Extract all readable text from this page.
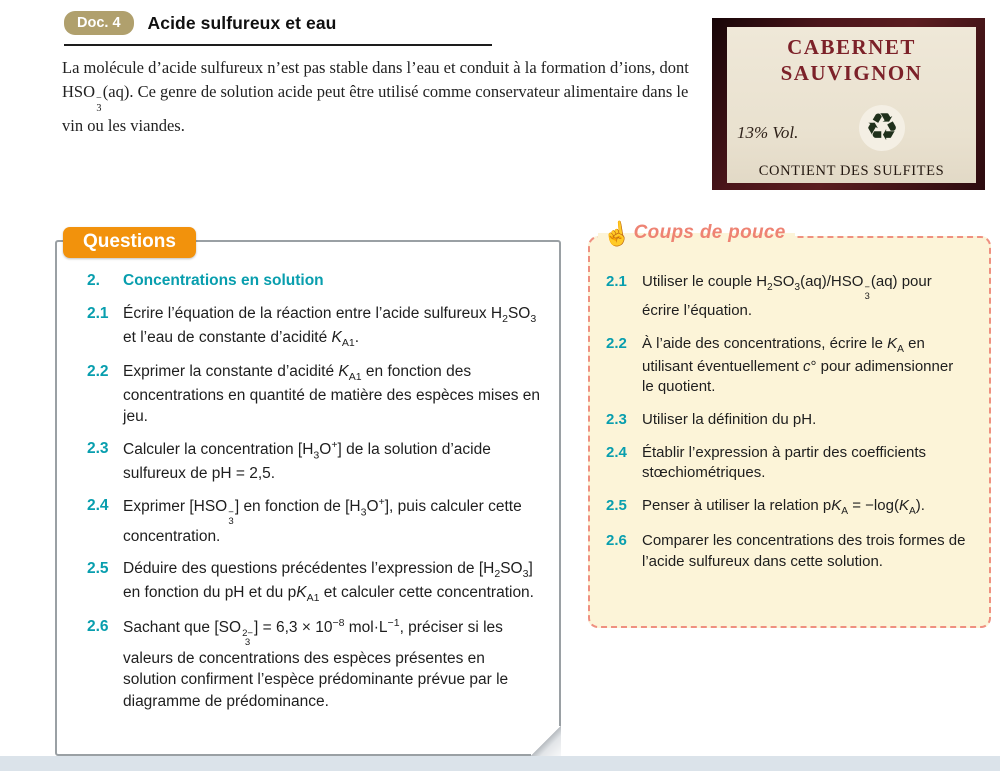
Doc. 4	Acide sulfureux et eau

La molécule d’acide sulfureux n’est pas stable dans l’eau et conduit à la formation d’ions, dont HSO −
3
(aq). Ce genre de solution acide peut être utilisé comme conservateur alimentaire dans le vin ou les viandes.

CABERNET
SAUVIGNON
13% Vol. ♻
CONTIENT DES SULFITES
Questions
2.	Concentrations en solution
2.1 Écrire l’équation de la réaction entre l’acide sulfureux $H_2SO_3$ et l’eau de constante d’acidité $K_{A1}$.
2.2 Exprimer la constante d’acidité $K_{A1}$ en fonction des concentrations en quantité de matière des espèces mises en jeu.
2.3 Calculer la concentration $[H_3O^+]$ de la solution d’acide sulfureux de pH = 2,5.
2.4 Exprimer [HSO −
3
] en fonction de $[H_3O^+]$, puis calculer cette concentration.
2.5 Déduire des questions précédentes l’expression de $[H_2SO_3]$ en fonction du pH et du $pK_{A1}$ et calculer cette concentration.
2.6 Sachant que [SO 2−
3
] = $6,3 \times 10^{-8}$ $mol\cdot L^{-1}$, préciser si les valeurs de concentrations des espèces présentes en solution confirment l’espèce prédominante prévue par le diagramme de prédominance.
☝ Coups de pouce
2.1	Utiliser le couple $H_2SO_3(aq)$/HSO −
3
(aq) pour écrire l’équation.
2.2	À l’aide des concentrations, écrire le $K_A$ en utilisant éventuellement c° pour adimensionner le quotient.
2.3	Utiliser la définition du pH.
2.4	Établir l’expression à partir des coefficients stœchiométriques.
2.5	Penser à utiliser la relation $pK_A = -\log(K_A)$.
2.6	Comparer les concentrations des trois formes de l’acide sulfureux dans cette solution.
